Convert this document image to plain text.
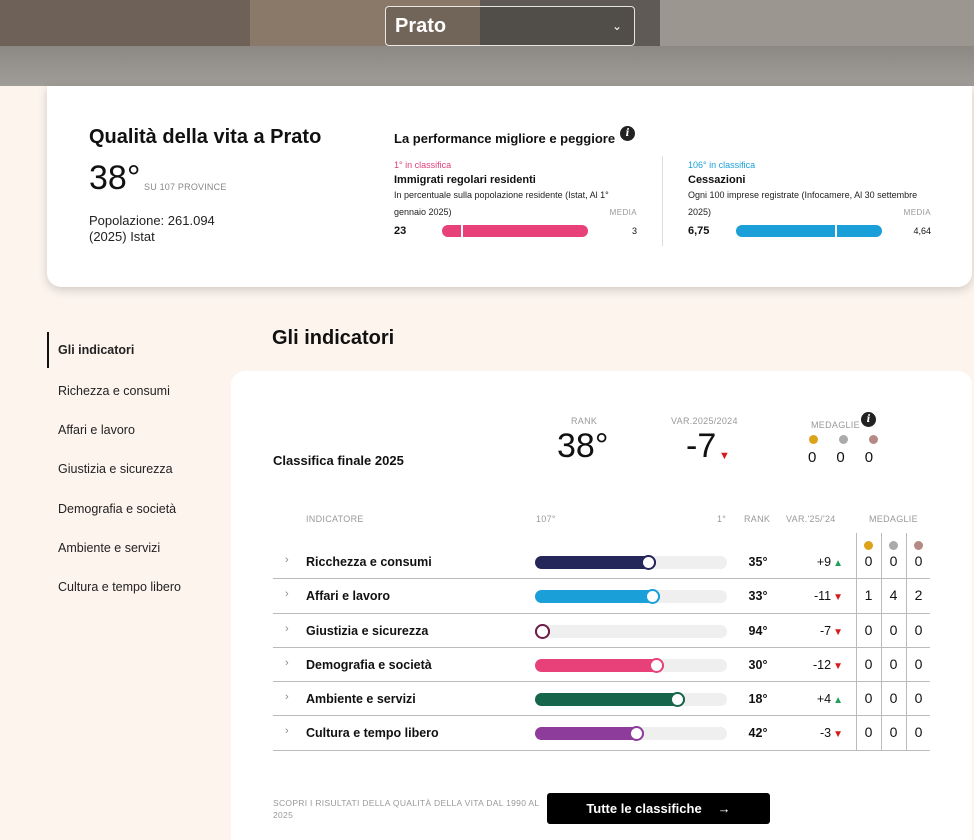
Prato	⌄
Qualità della vita a Prato
38° SU 107 PROVINCE
Popolazione: 261.094 (2025) Istat
La performance migliore e peggiore	i
1° in classifica
Immigrati regolari residenti
In percentuale sulla popolazione residente (Istat, Al 1° gennaio 2025)	MEDIA
23	3
106° in classifica
Cessazioni
Ogni 100 imprese registrate (Infocamere, Al 30 settembre 2025)	MEDIA
6,75	4,64
Gli indicatori
Richezza e consumi
Affari e lavoro
Giustizia e sicurezza
Demografia e società
Ambiente e servizi
Cultura e tempo libero
Gli indicatori
Classifica finale 2025
RANK
38°
VAR.2025/2024
-7 ▼
MEDAGLIE i
0 0 0
INDICATORE	107°	1° RANK VAR.'25/'24	MEDAGLIE
› Ricchezza e consumi	35°	+9 ▲	0	0	0
› Affari e lavoro	33°	-11 ▼	1	4	2
› Giustizia e sicurezza	94°	-7 ▼	0	0	0
› Demografia e società	30°	-12 ▼	0	0	0
› Ambiente e servizi	18°	+4 ▲	0	0	0
› Cultura e tempo libero	42°	-3 ▼	0	0	0
SCOPRI I RISULTATI DELLA QUALITÀ DELLA VITA DAL 1990 AL 2025	Tutte le classifiche →
